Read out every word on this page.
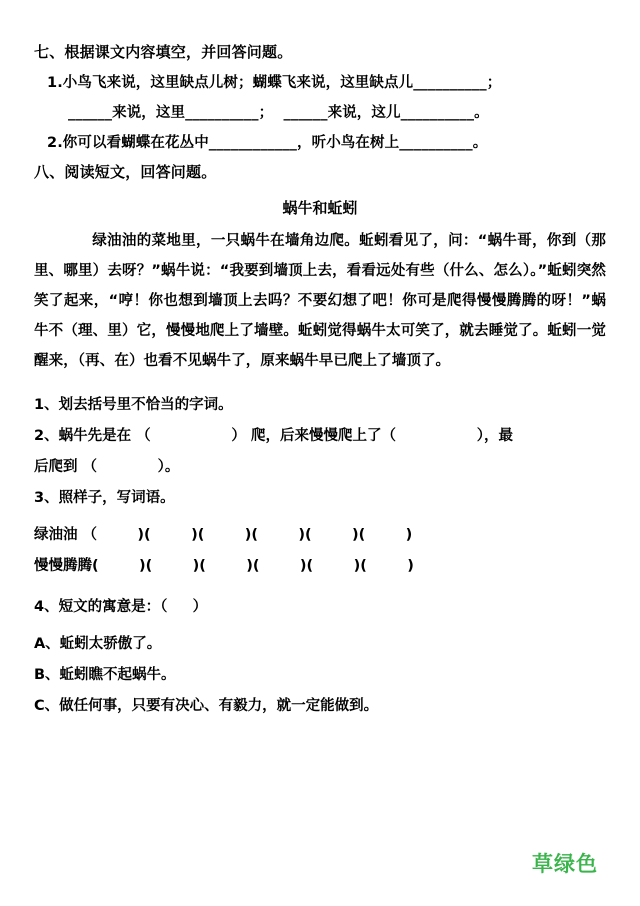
七、根据课文内容填空，并回答问题。
1.小鸟飞来说，这里缺点儿树；蝴蝶飞来说，这里缺点儿__________；
______来说，这里__________；  ______来说，这儿__________。
2.你可以看蝴蝶在花丛中____________，听小鸟在树上__________。
八、阅读短文，回答问题。
蜗牛和蚯蚓
绿油油的菜地里，一只蜗牛在墙角边爬。蚯蚓看见了，问：“蜗牛哥，你到（那里、哪里）去呀？”蜗牛说：“我要到墙顶上去，看看远处有些（什么、怎么）。”蚯蚓突然笑了起来，“哼！你也想到墙顶上去吗？不要幻想了吧！你可是爬得慢慢腾腾的呀！”蜗牛不（理、里）它，慢慢地爬上了墙壁。蚯蚓觉得蜗牛太可笑了，就去睡觉了。蚯蚓一觉醒来，（再、在）也看不见蜗牛了，原来蜗牛早已爬上了墙顶了。
1、划去括号里不恰当的字词。
2、蜗牛先是在 （                ） 爬，后来慢慢爬上了（                ），最
后爬到 （            ）。
3、照样子，写词语。
绿油油 （        )(        )(        )(        )(        )(        )
慢慢腾腾(        )(        )(        )(        )(        )(        )
4、短文的寓意是：（     ）
A、蚯蚓太骄傲了。
B、蚯蚓瞧不起蜗牛。
C、做任何事，只要有决心、有毅力，就一定能做到。
草绿色
